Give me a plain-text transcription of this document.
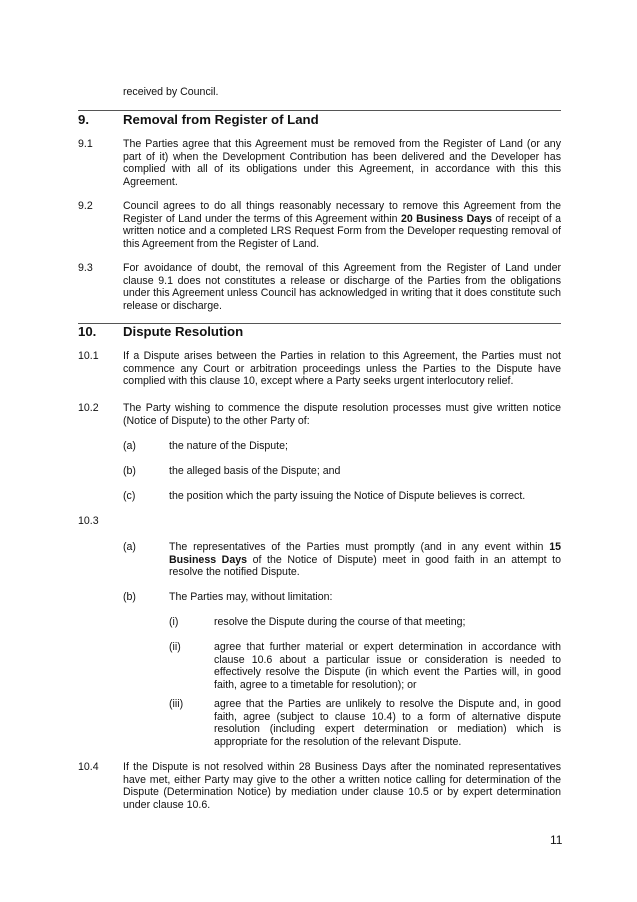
received by Council.
9.	Removal from Register of Land
9.1	The Parties agree that this Agreement must be removed from the Register of Land (or any part of it) when the Development Contribution has been delivered and the Developer has complied with all of its obligations under this Agreement, in accordance with this this Agreement.
9.2	Council agrees to do all things reasonably necessary to remove this Agreement from the Register of Land under the terms of this Agreement within 20 Business Days of receipt of a written notice and a completed LRS Request Form from the Developer requesting removal of this Agreement from the Register of Land.
9.3	For avoidance of doubt, the removal of this Agreement from the Register of Land under clause 9.1 does not constitutes a release or discharge of the Parties from the obligations under this Agreement unless Council has acknowledged in writing that it does constitute such release or discharge.
10. Dispute Resolution
10.1 If a Dispute arises between the Parties in relation to this Agreement, the Parties must not commence any Court or arbitration proceedings unless the Parties to the Dispute have complied with this clause 10, except where a Party seeks urgent interlocutory relief.
10.2 The Party wishing to commence the dispute resolution processes must give written notice (Notice of Dispute) to the other Party of:
(a)	the nature of the Dispute;
(b)	the alleged basis of the Dispute; and
(c)	the position which the party issuing the Notice of Dispute believes is correct.
10.3
(a)	The representatives of the Parties must promptly (and in any event within 15 Business Days of the Notice of Dispute) meet in good faith in an attempt to resolve the notified Dispute.
(b)	The Parties may, without limitation:
(i)	resolve the Dispute during the course of that meeting;
(ii)	agree that further material or expert determination in accordance with clause 10.6 about a particular issue or consideration is needed to effectively resolve the Dispute (in which event the Parties will, in good faith, agree to a timetable for resolution); or
(iii)	agree that the Parties are unlikely to resolve the Dispute and, in good faith, agree (subject to clause 10.4) to a form of alternative dispute resolution (including expert determination or mediation) which is appropriate for the resolution of the relevant Dispute.
10.4 If the Dispute is not resolved within 28 Business Days after the nominated representatives have met, either Party may give to the other a written notice calling for determination of the Dispute (Determination Notice) by mediation under clause 10.5 or by expert determination under clause 10.6.
11
